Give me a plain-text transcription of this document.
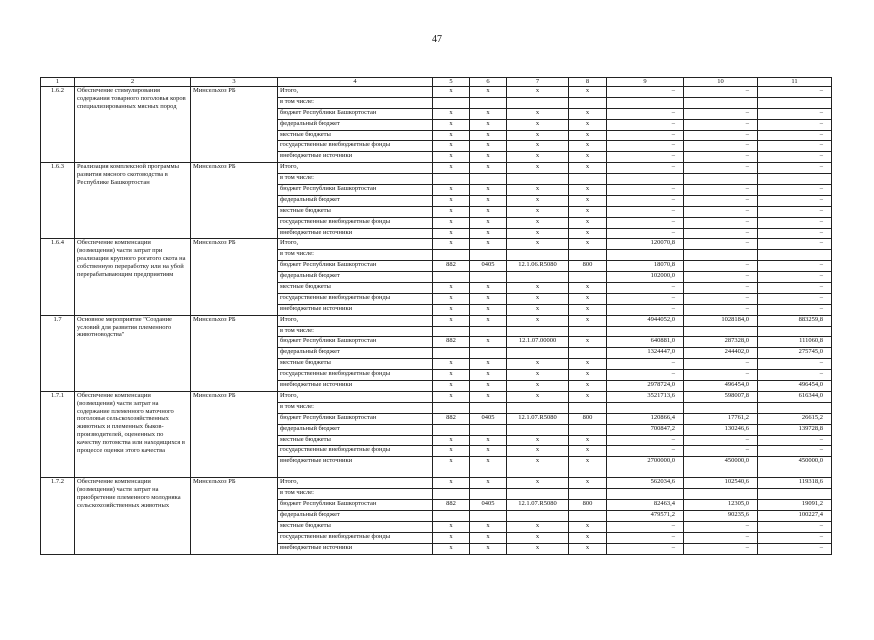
47
1	2	3	4	5	6	7	8	9	10	11
1.6.2	Обеспечение стимулирования содержания товарного поголовья коров специализированных мясных пород	Минсельхоз РБ	Итого,	x	x	x	x	–	–	–
			в том числе:							
			бюджет Республики Башкортостан	x	x	x	x	–	–	–
			федеральный бюджет	x	x	x	x	–	–	–
			местные бюджеты	x	x	x	x	–	–	–
			государственные внебюджетные фонды	x	x	x	x	–	–	–
			внебюджетные источники	x	x	x	x	–	–	–
1.6.3	Реализация комплексной программы развития мясного скотоводства в Республике Башкортостан	Минсельхоз РБ	Итого,	x	x	x	x	–	–	–
			в том числе:							
			бюджет Республики Башкортостан	x	x	x	x	–	–	–
			федеральный бюджет	x	x	x	x	–	–	–
			местные бюджеты	x	x	x	x	–	–	–
			государственные внебюджетные фонды	x	x	x	x	–	–	–
			внебюджетные источники	x	x	x	x	–	–	–
1.6.4	Обеспечение компенсации (возмещения) части затрат при реализации крупного рогатого скота на собственную переработку или на убой перерабатывающим предприятиям	Минсельхоз РБ	Итого,	x	x	x	x	120070,8	–	–
			в том числе:							
			бюджет Республики Башкортостан	882	0405	12.1.06.R5080	800	18070,8	–	–
			федеральный бюджет					102000,0	–	–
			местные бюджеты	x	x	x	x	–	–	–
			государственные внебюджетные фонды	x	x	x	x	–	–	–
			внебюджетные источники	x	x	x	x	–	–	–
1.7	Основное мероприятие "Создание условий для развития племенного животноводства"	Минсельхоз РБ	Итого,	x	x	x	x	4944052,0	1028184,0	883259,8
			в том числе:							
			бюджет Республики Башкортостан	882	x	12.1.07.00000	x	640881,0	287328,0	111060,8
			федеральный бюджет					1324447,0	244402,0	275745,0
			местные бюджеты	x	x	x	x	–	–	–
			государственные внебюджетные фонды	x	x	x	x	–	–	–
			внебюджетные источники	x	x	x	x	2978724,0	496454,0	496454,0
1.7.1	Обеспечение компенсации (возмещения) части затрат на содержание племенного маточного поголовья сельскохозяйственных животных и племенных быков-производителей, оцененных по качеству потомства или находящихся в процессе оценки этого качества	Минсельхоз РБ	Итого,	x	x	x	x	3521713,6	598007,8	616344,0
			в том числе:							
			бюджет Республики Башкортостан	882	0405	12.1.07.R5080	800	120866,4	17761,2	26615,2
			федеральный бюджет					700847,2	130246,6	139728,8
			местные бюджеты	x	x	x	x	–	–	–
			государственные внебюджетные фонды	x	x	x	x	–	–	–
			внебюджетные источники	x	x	x	x	2700000,0	450000,0	450000,0
1.7.2	Обеспечение компенсации (возмещения) части затрат на приобретение племенного молодняка сельскохозяйственных животных	Минсельхоз РБ	Итого,	x	x	x	x	562034,6	102540,6	119318,6
			в том числе:							
			бюджет Республики Башкортостан	882	0405	12.1.07.R5080	800	82463,4	12305,0	19091,2
			федеральный бюджет					479571,2	90235,6	100227,4
			местные бюджеты	x	x	x	x	–	–	–
			государственные внебюджетные фонды	x	x	x	x	–	–	–
			внебюджетные источники	x	x	x	x	–	–	–
